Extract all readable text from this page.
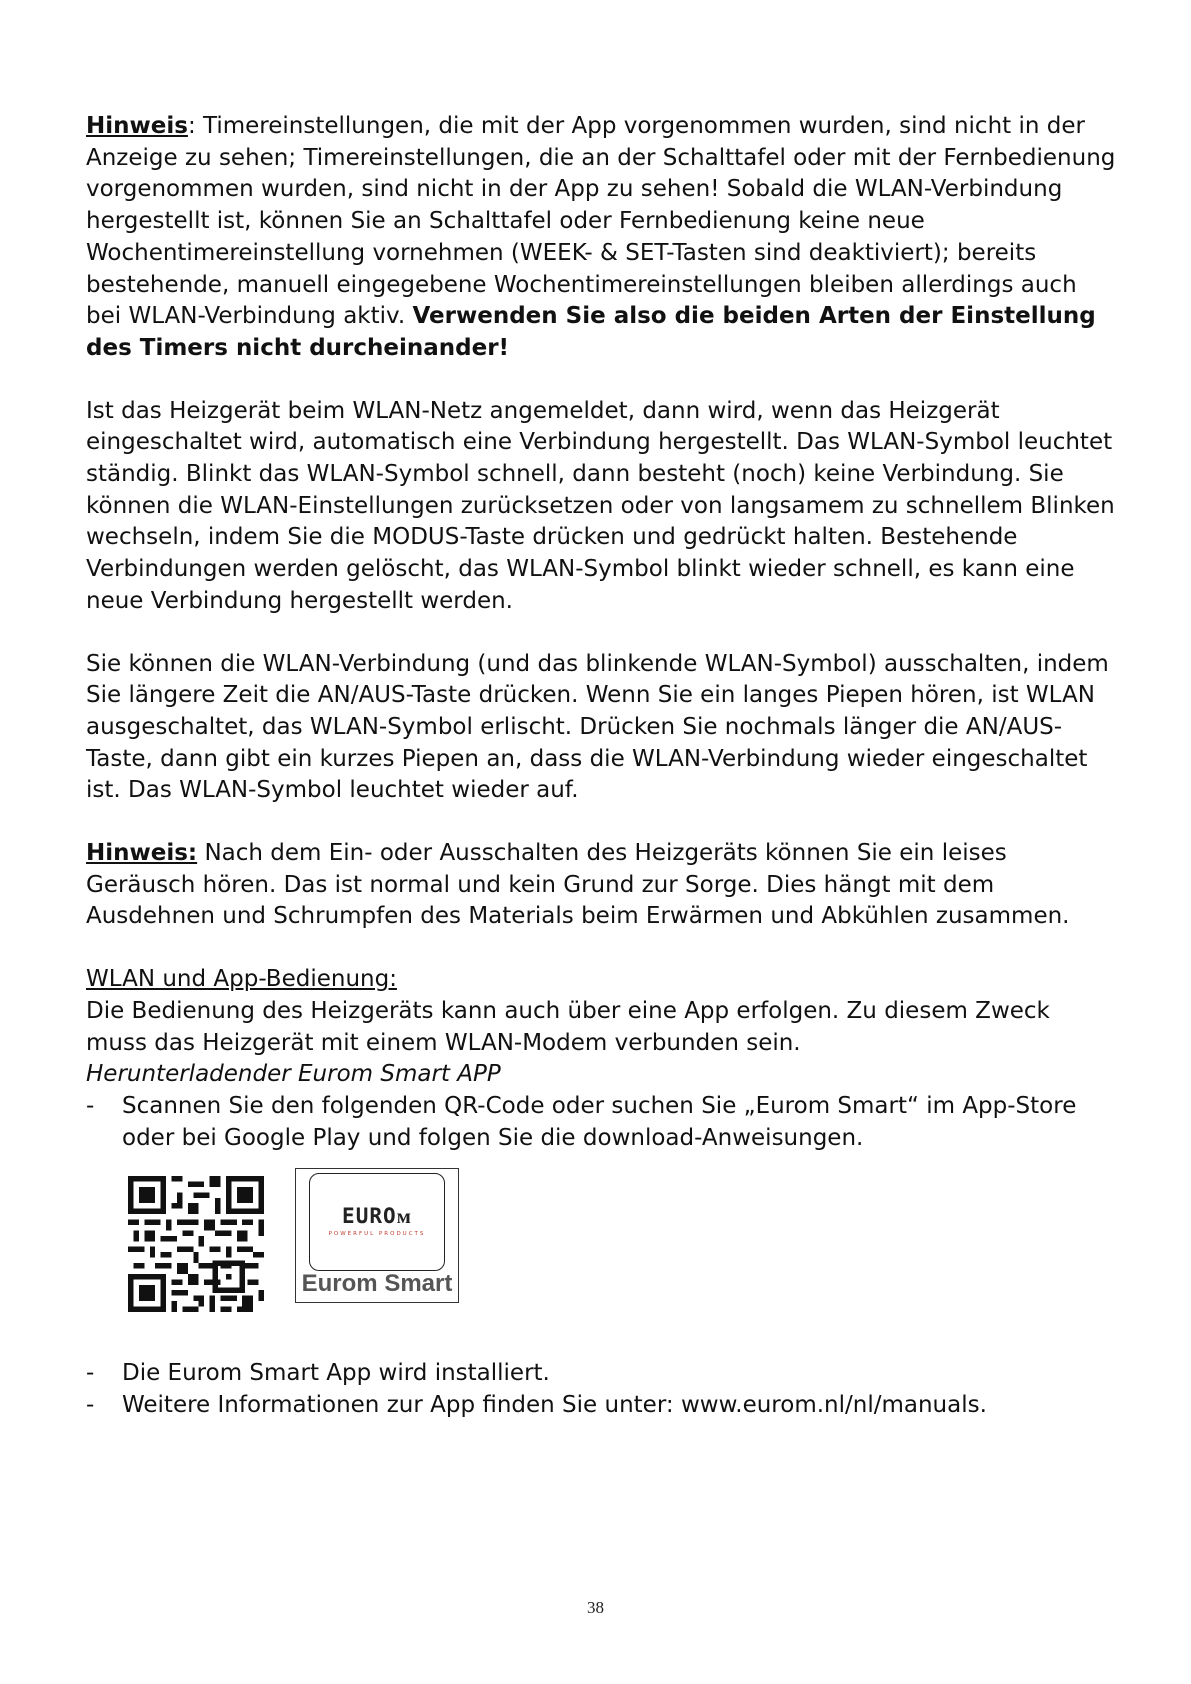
Hinweis: Timereinstellungen, die mit der App vorgenommen wurden, sind nicht in der Anzeige zu sehen; Timereinstellungen, die an der Schalttafel oder mit der Fernbedienung vorgenommen wurden, sind nicht in der App zu sehen! Sobald die WLAN-Verbindung hergestellt ist, können Sie an Schalttafel oder Fernbedienung keine neue Wochentimereinstellung vornehmen (WEEK- & SET-Tasten sind deaktiviert); bereits bestehende, manuell eingegebene Wochentimereinstellungen bleiben allerdings auch bei WLAN-Verbindung aktiv. Verwenden Sie also die beiden Arten der Einstellung des Timers nicht durcheinander!

Ist das Heizgerät beim WLAN-Netz angemeldet, dann wird, wenn das Heizgerät eingeschaltet wird, automatisch eine Verbindung hergestellt. Das WLAN-Symbol leuchtet ständig. Blinkt das WLAN-Symbol schnell, dann besteht (noch) keine Verbindung. Sie können die WLAN-Einstellungen zurücksetzen oder von langsamem zu schnellem Blinken wechseln, indem Sie die MODUS-Taste drücken und gedrückt halten. Bestehende Verbindungen werden gelöscht, das WLAN-Symbol blinkt wieder schnell, es kann eine neue Verbindung hergestellt werden.

Sie können die WLAN-Verbindung (und das blinkende WLAN-Symbol) ausschalten, indem Sie längere Zeit die AN/AUS-Taste drücken. Wenn Sie ein langes Piepen hören, ist WLAN ausgeschaltet, das WLAN-Symbol erlischt. Drücken Sie nochmals länger die AN/AUS-Taste, dann gibt ein kurzes Piepen an, dass die WLAN-Verbindung wieder eingeschaltet ist. Das WLAN-Symbol leuchtet wieder auf.

Hinweis: Nach dem Ein- oder Ausschalten des Heizgeräts können Sie ein leises Geräusch hören. Das ist normal und kein Grund zur Sorge. Dies hängt mit dem Ausdehnen und Schrumpfen des Materials beim Erwärmen und Abkühlen zusammen.

WLAN und App-Bedienung:

Die Bedienung des Heizgeräts kann auch über eine App erfolgen. Zu diesem Zweck muss das Heizgerät mit einem WLAN-Modem verbunden sein.

Herunterladender Eurom Smart APP

- Scannen Sie den folgenden QR-Code oder suchen Sie „Eurom Smart“ im App-Store oder bei Google Play und folgen Sie die download-Anweisungen.

EUROᴍ
POWERFUL PRODUCTS
Eurom Smart

- Die Eurom Smart App wird installiert.

- Weitere Informationen zur App finden Sie unter: www.eurom.nl/nl/manuals.

38
